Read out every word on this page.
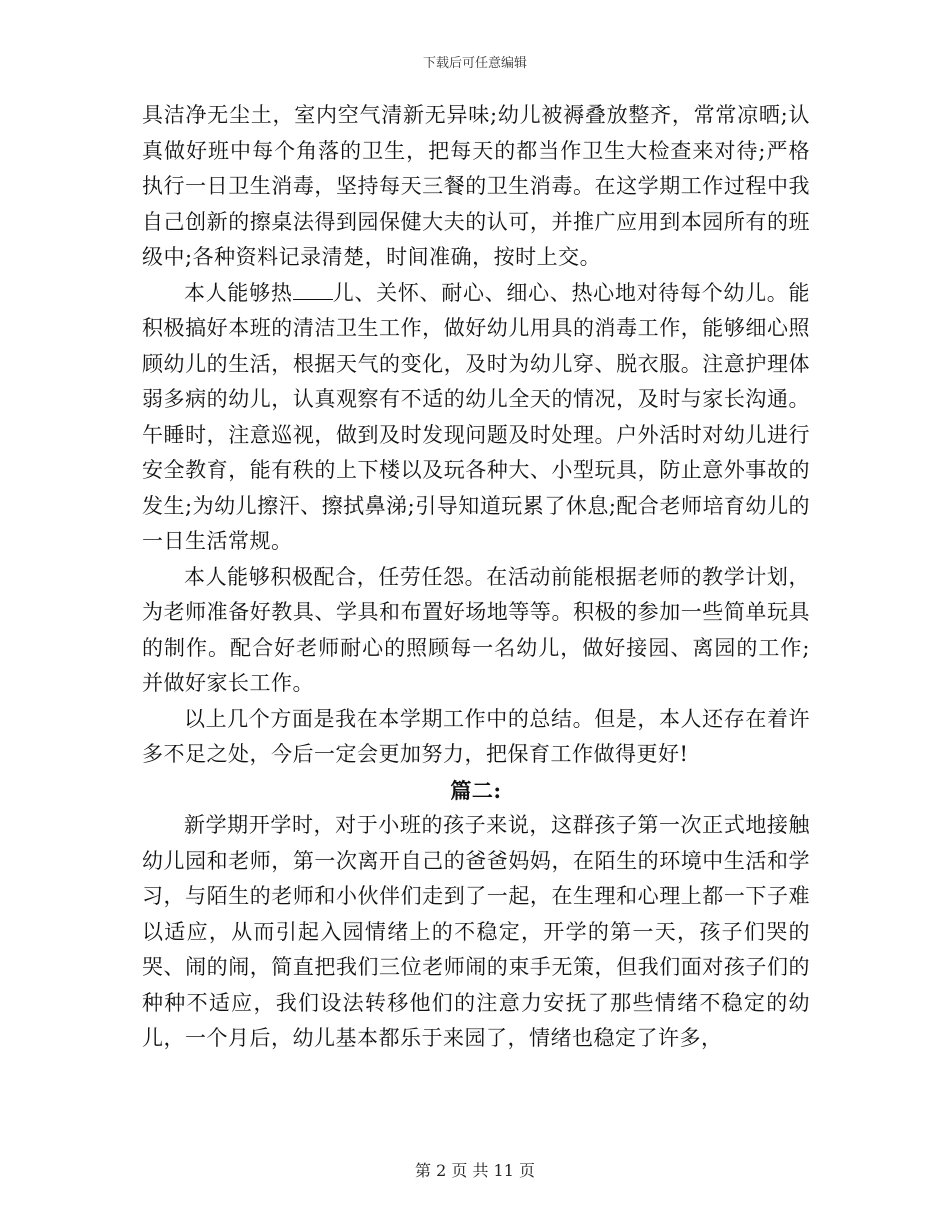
下载后可任意编辑

具洁净无尘土，室内空气清新无异味;幼儿被褥叠放整齐，常常凉晒;认真做好班中每个角落的卫生，把每天的都当作卫生大检查来对待;严格执行一日卫生消毒，坚持每天三餐的卫生消毒。在这学期工作过程中我自己创新的擦桌法得到园保健大夫的认可，并推广应用到本园所有的班级中;各种资料记录清楚，时间准确，按时上交。

本人能够热 儿、关怀、耐心、细心、热心地对待每个幼儿。能积极搞好本班的清洁卫生工作，做好幼儿用具的消毒工作，能够细心照顾幼儿的生活，根据天气的变化，及时为幼儿穿、脱衣服。注意护理体弱多病的幼儿，认真观察有不适的幼儿全天的情况，及时与家长沟通。午睡时，注意巡视，做到及时发现问题及时处理。户外活时对幼儿进行安全教育，能有秩的上下楼以及玩各种大、小型玩具，防止意外事故的发生;为幼儿擦汗、擦拭鼻涕;引导知道玩累了休息;配合老师培育幼儿的一日生活常规。

本人能够积极配合，任劳任怨。在活动前能根据老师的教学计划，为老师准备好教具、学具和布置好场地等等。积极的参加一些简单玩具的制作。配合好老师耐心的照顾每一名幼儿，做好接园、离园的工作;并做好家长工作。

以上几个方面是我在本学期工作中的总结。但是，本人还存在着许多不足之处，今后一定会更加努力，把保育工作做得更好!

篇二:

新学期开学时，对于小班的孩子来说，这群孩子第一次正式地接触幼儿园和老师，第一次离开自己的爸爸妈妈，在陌生的环境中生活和学习，与陌生的老师和小伙伴们走到了一起，在生理和心理上都一下子难以适应，从而引起入园情绪上的不稳定，开学的第一天，孩子们哭的哭、闹的闹，简直把我们三位老师闹的束手无策，但我们面对孩子们的种种不适应，我们设法转移他们的注意力安抚了那些情绪不稳定的幼儿，一个月后，幼儿基本都乐于来园了，情绪也稳定了许多，

第 2 页 共 11 页
